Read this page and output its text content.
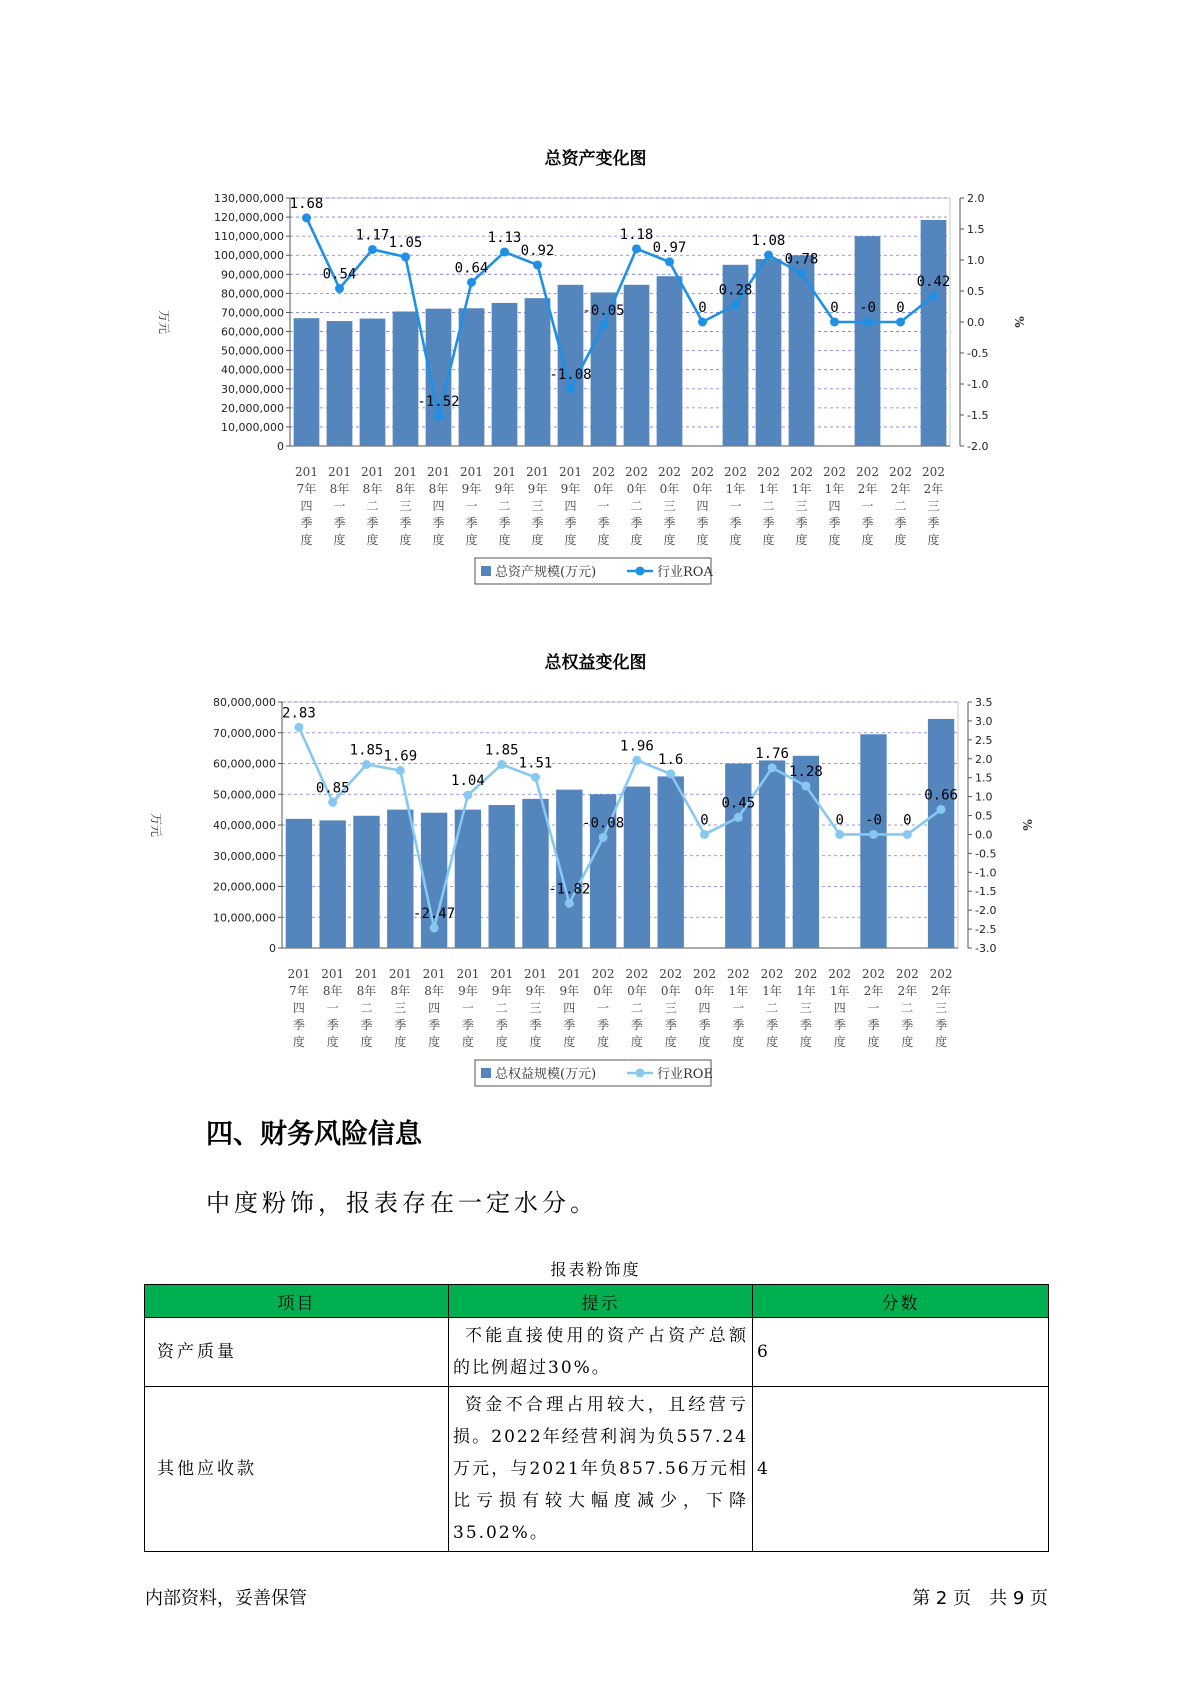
总资产变化图
0
10,000,000
20,000,000
30,000,000
40,000,000
50,000,000
60,000,000
70,000,000
80,000,000
90,000,000
100,000,000
110,000,000
120,000,000
130,000,000
万元
-2.0
-1.5
-1.0
-0.5
0.0
0.5
1.0
1.5
2.0
%
201
7年
四
季
度
201
8年
一
季
度
201
8年
二
季
度
201
8年
三
季
度
201
8年
四
季
度
201
9年
一
季
度
201
9年
二
季
度
201
9年
三
季
度
201
9年
四
季
度
202
0年
一
季
度
202
0年
二
季
度
202
0年
三
季
度
202
0年
四
季
度
202
1年
一
季
度
202
1年
二
季
度
202
1年
三
季
度
202
1年
四
季
度
202
2年
一
季
度
202
2年
二
季
度
202
2年
三
季
度
1.68
0.54
1.17 1.05
-1.52
0.64
1.13
0.92
-1.08
-0.05
1.18
0.97
0
0.28
1.08
0.78
0 -0 0
0.42
总资产规模(万元)	行业ROA
总权益变化图
0
10,000,000
20,000,000
30,000,000
40,000,000
50,000,000
60,000,000
70,000,000
80,000,000
万元
-3.0
-2.5
-2.0
-1.5
-1.0
-0.5
0.0
0.5
1.0
1.5
2.0
2.5
3.0
3.5
%
201
7年
四
季
度
201
8年
一
季
度
201
8年
二
季
度
201
8年
三
季
度
201
8年
四
季
度
201
9年
一
季
度
201
9年
二
季
度
201
9年
三
季
度
201
9年
四
季
度
202
0年
一
季
度
202
0年
二
季
度
202
0年
三
季
度
202
0年
四
季
度
202
1年
一
季
度
202
1年
二
季
度
202
1年
三
季
度
202
1年
四
季
度
202
2年
一
季
度
202
2年
二
季
度
202
2年
三
季
度
2.83
0.85
1.85 1.69
-2.47
1.04
1.85
1.51
-1.82
-0.08
1.96
1.6
0
0.45
1.76
1.28
0 -0 0
0.66
总权益规模(万元)	行业ROE
四、财务风险信息
中度粉饰，报表存在一定水分。
报表粉饰度
项目	提示	分数
资产质量	不能直接使用的资产占资产总额的比例超过30%。	6
其他应收款	资金不合理占用较大，且经营亏损。2022年经营利润为负557.24万元，与2021年负857.56万元相比亏损有较大幅度减少，下降35.02%。	4
内部资料，妥善保管	第 2 页　共 9 页
